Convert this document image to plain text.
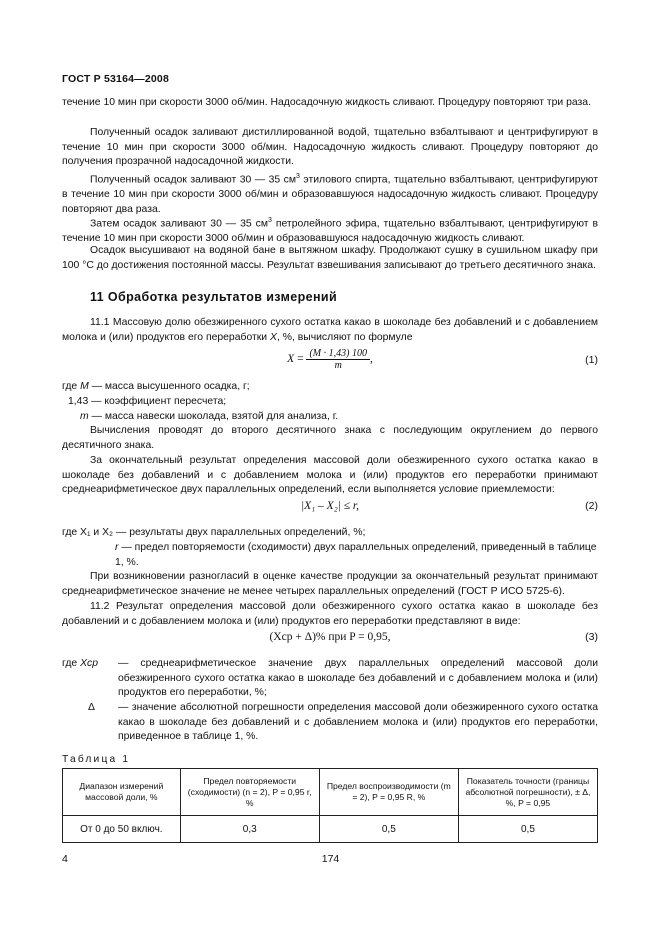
ГОСТ Р 53164—2008

течение 10 мин при скорости 3000 об/мин. Надосадочную жидкость сливают. Процедуру повторяют три раза.

Полученный осадок заливают дистиллированной водой, тщательно взбалтывают и центрифугируют в течение 10 мин при скорости 3000 об/мин. Надосадочную жидкость сливают. Процедуру повторяют до получения прозрачной надосадочной жидкости.

Полученный осадок заливают 30 — 35 $см^3$ этилового спирта, тщательно взбалтывают, центрифугируют в течение 10 мин при скорости 3000 об/мин и образовавшуюся надосадочную жидкость сливают. Процедуру повторяют два раза.

Затем осадок заливают 30 — 35 $см^3$ петролейного эфира, тщательно взбалтывают, центрифугируют в течение 10 мин при скорости 3000 об/мин и образовавшуюся надосадочную жидкость сливают.

Осадок высушивают на водяной бане в вытяжном шкафу. Продолжают сушку в сушильном шкафу при 100 °С до достижения постоянной массы. Результат взвешивания записывают до третьего десятичного знака.

11 Обработка результатов измерений

11.1 Массовую долю обезжиренного сухого остатка какао в шоколаде без добавлений и с добавлением молока и (или) продуктов его переработки X, %, вычисляют по формуле

$X = \frac{(M \cdot 1,43) 100}{m}$ ,	(1)
где M — масса высушенного осадка, г;
1,43 — коэффициент пересчета;
m — масса навески шоколада, взятой для анализа, г.

Вычисления проводят до второго десятичного знака с последующим округлением до первого десятичного знака.

За окончательный результат определения массовой доли обезжиренного сухого остатка какао в шоколаде без добавлений и с добавлением молока и (или) продуктов его переработки принимают среднеарифметическое двух параллельных определений, если выполняется условие приемлемости:

|X₁ – X₂| ≤ r,	(2)
где X₁ и X₂ — результаты двух параллельных определений, %;
r — предел повторяемости (сходимости) двух параллельных определений, приведенный в таблице 1, %.

При возникновении разногласий в оценке качестве продукции за окончательный результат принимают среднеарифметическое значение не менее четырех параллельных определений (ГОСТ Р ИСО 5725-6).

11.2 Результат определения массовой доли обезжиренного сухого остатка какао в шоколаде без добавлений и с добавлением молока и (или) продуктов его переработки представляют в виде:

(Xср + Δ)% при P = 0,95,	(3)
где Xср — среднеарифметическое значение двух параллельных определений массовой доли обезжиренного сухого остатка какао в шоколаде без добавлений и с добавлением молока и (или) продуктов его переработки, %;
Δ — значение абсолютной погрешности определения массовой доли обезжиренного сухого остатка какао в шоколаде без добавлений и с добавлением молока и (или) продуктов его переработки, приведенное в таблице 1, %.
Таблица 1
Диапазон измерений массовой доли, %	Предел повторяемости (сходимости) (n = 2), P = 0,95 r, %	Предел воспроизводимости (m = 2), P = 0,95 R, %	Показатель точности (границы абсолютной погрешности), ± Δ, %, P = 0,95
От 0 до 50 включ.	0,3	0,5	0,5
4	174
